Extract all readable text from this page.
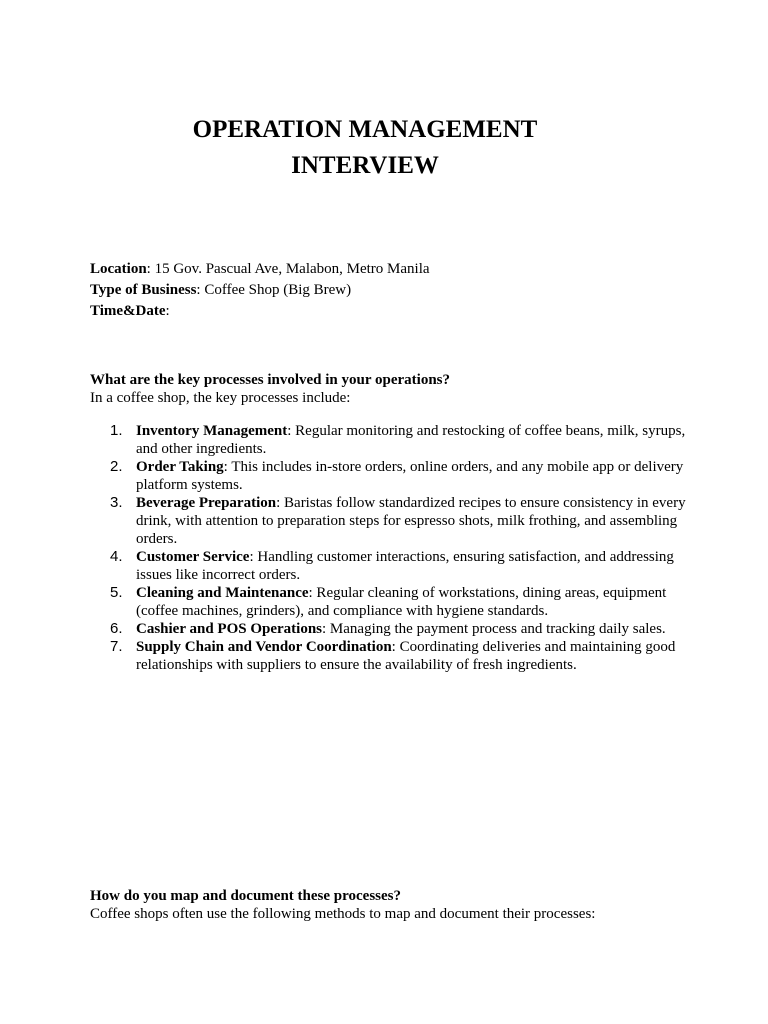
OPERATION MANAGEMENT
INTERVIEW
Location: 15 Gov. Pascual Ave, Malabon, Metro Manila
Type of Business: Coffee Shop (Big Brew)
Time&Date:
What are the key processes involved in your operations?
In a coffee shop, the key processes include:
1. Inventory Management: Regular monitoring and restocking of coffee beans, milk, syrups, and other ingredients.
2. Order Taking: This includes in-store orders, online orders, and any mobile app or delivery platform systems.
3. Beverage Preparation: Baristas follow standardized recipes to ensure consistency in every drink, with attention to preparation steps for espresso shots, milk frothing, and assembling orders.
4. Customer Service: Handling customer interactions, ensuring satisfaction, and addressing issues like incorrect orders.
5. Cleaning and Maintenance: Regular cleaning of workstations, dining areas, equipment (coffee machines, grinders), and compliance with hygiene standards.
6. Cashier and POS Operations: Managing the payment process and tracking daily sales.
7. Supply Chain and Vendor Coordination: Coordinating deliveries and maintaining good relationships with suppliers to ensure the availability of fresh ingredients.
How do you map and document these processes?
Coffee shops often use the following methods to map and document their processes:
